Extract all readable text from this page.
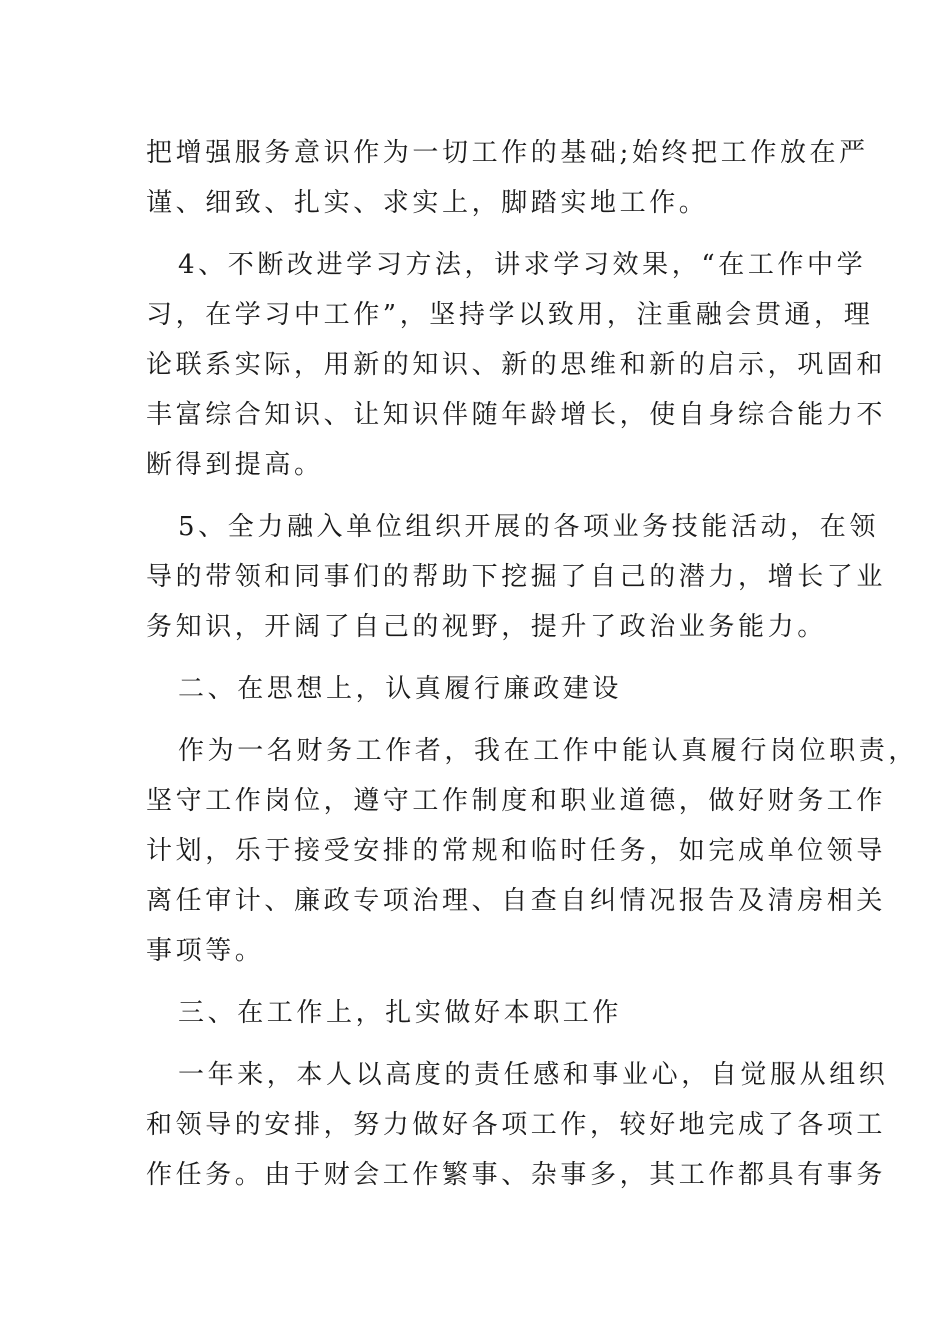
把增强服务意识作为一切工作的基础;始终把工作放在严
谨、细致、扎实、求实上，脚踏实地工作。
4、不断改进学习方法，讲求学习效果，“在工作中学
习，在学习中工作”，坚持学以致用，注重融会贯通，理
论联系实际，用新的知识、新的思维和新的启示，巩固和
丰富综合知识、让知识伴随年龄增长，使自身综合能力不
断得到提高。
5、全力融入单位组织开展的各项业务技能活动，在领
导的带领和同事们的帮助下挖掘了自己的潜力，增长了业
务知识，开阔了自己的视野，提升了政治业务能力。
二、在思想上，认真履行廉政建设
作为一名财务工作者，我在工作中能认真履行岗位职责，
坚守工作岗位，遵守工作制度和职业道德，做好财务工作
计划，乐于接受安排的常规和临时任务，如完成单位领导
离任审计、廉政专项治理、自查自纠情况报告及清房相关
事项等。
三、在工作上，扎实做好本职工作
一年来，本人以高度的责任感和事业心，自觉服从组织
和领导的安排，努力做好各项工作，较好地完成了各项工
作任务。由于财会工作繁事、杂事多，其工作都具有事务
